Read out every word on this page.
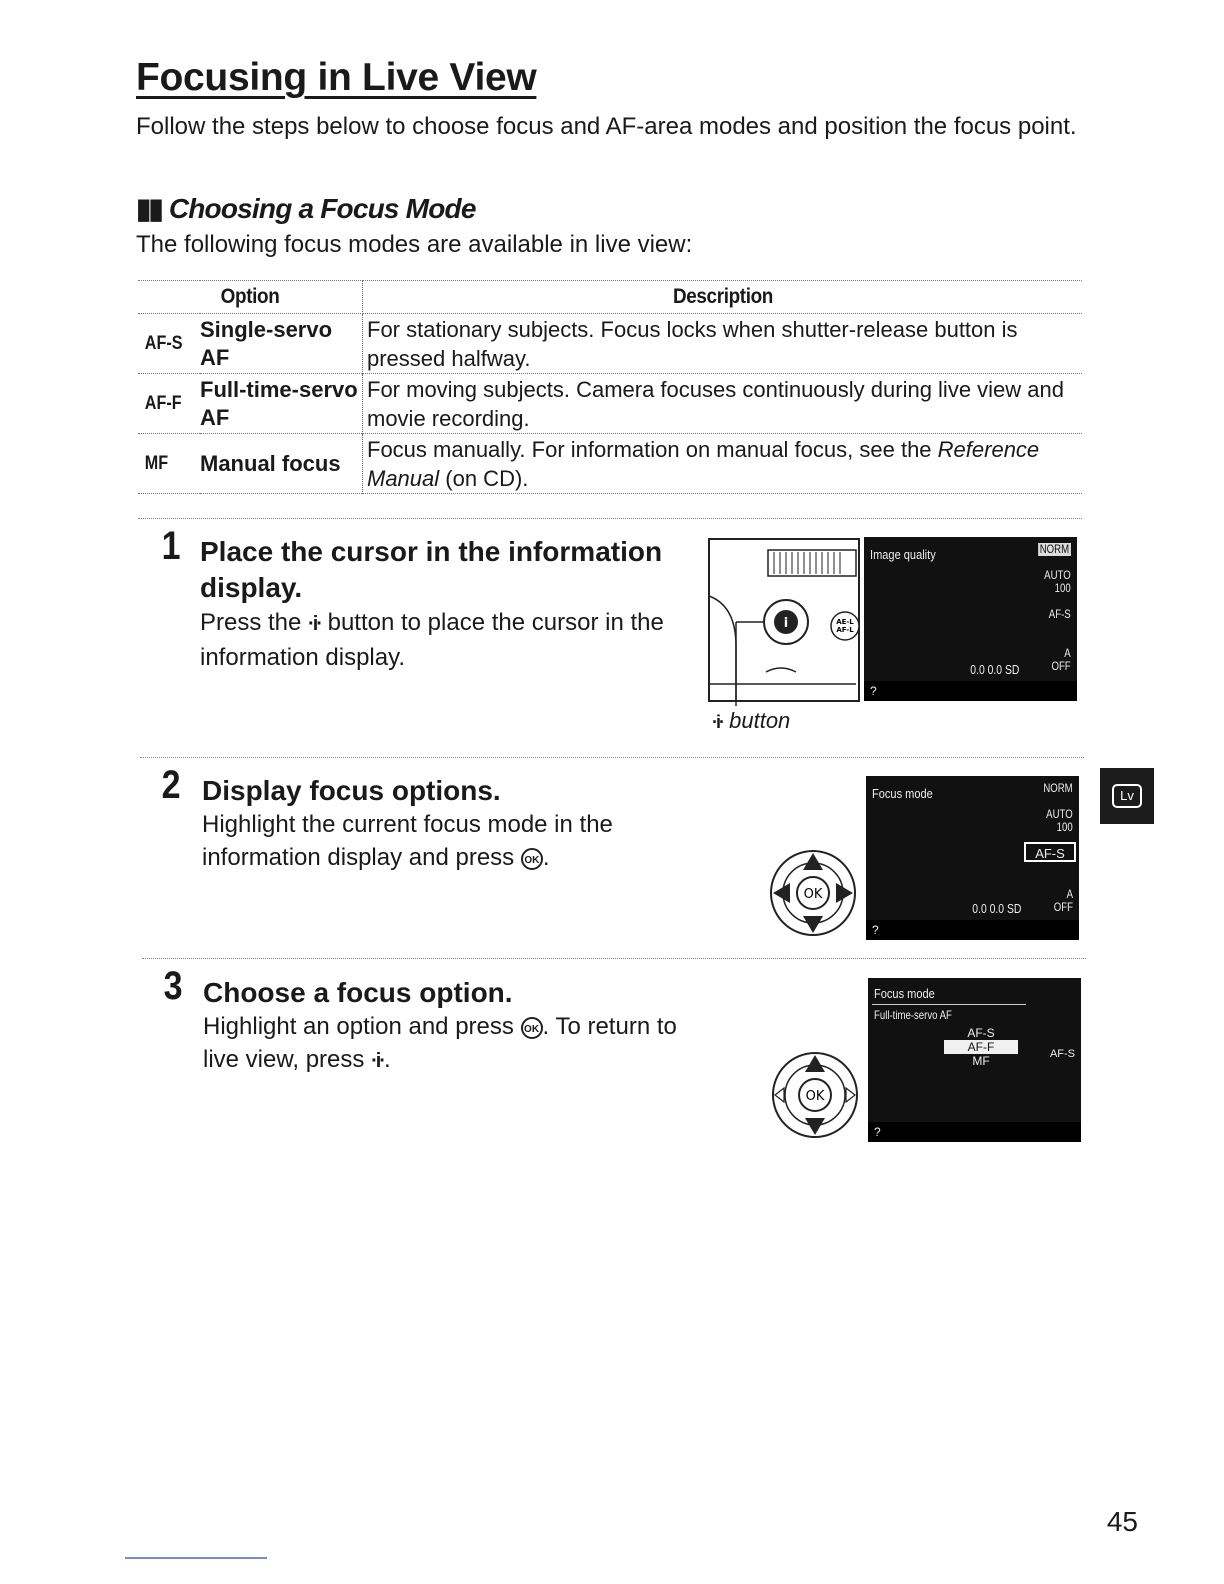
Focusing in Live View

Follow the steps below to choose focus and AF-area modes and position the focus point.

▮▮ Choosing a Focus Mode

The following focus modes are available in live view:

Option		Description
AF-S	Single-servo AF	For stationary subjects. Focus locks when shutter-release button is pressed halfway.
AF-F	Full-time-servo AF	For moving subjects. Camera focuses continuously during live view and movie recording.
MF	Manual focus	Focus manually. For information on manual focus, see the Reference Manual (on CD).
1 Place the cursor in the information display.

Press the ·i· button to place the cursor in the information display.

i	AE-L
AF-L
·i· button
Image quality	NORM
AUTO
100
AF-S
A
OFF
0.0 0.0 SD
?
2 Display focus options.

Highlight the current focus mode in the information display and press OK .

OK
Focus mode	NORM
AUTO
100
AF-S
A
OFF
0.0 0.0 SD
?
Lv
3 Choose a focus option.

Highlight an option and press OK . To return to live view, press ·i·.

OK
Focus mode
Full-time-servo AF
AF-S
AF-F
MF	AF-S
?
45
